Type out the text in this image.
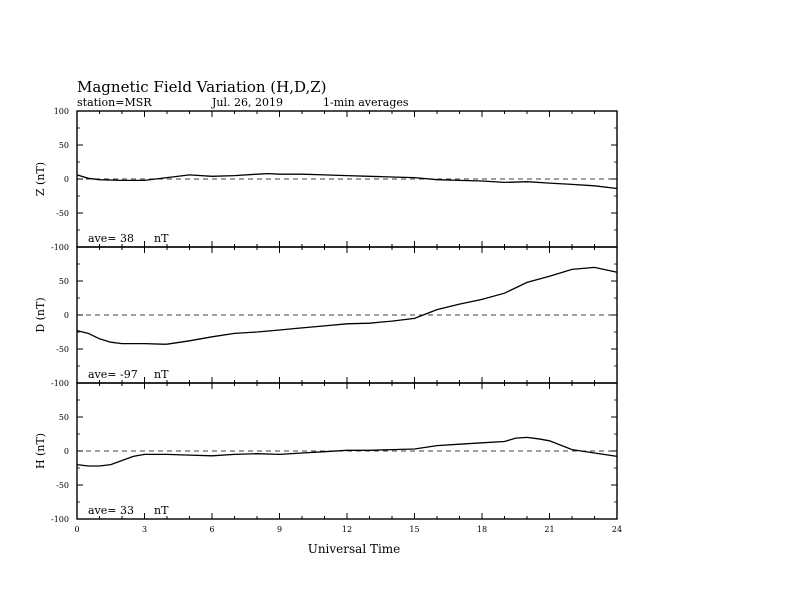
Magnetic Field Variation (H,D,Z)
station=MSR	Jul. 26, 2019	1-min averages
100
50
0
-50
-100
Z (nT)
ave= 38 nT
50
0
-50
-100
D (nT)
ave= -97 nT
50
0
-50
-100
H (nT)
ave= 33 nT
0	3	6	9	12	15	18	21	24
Universal Time
